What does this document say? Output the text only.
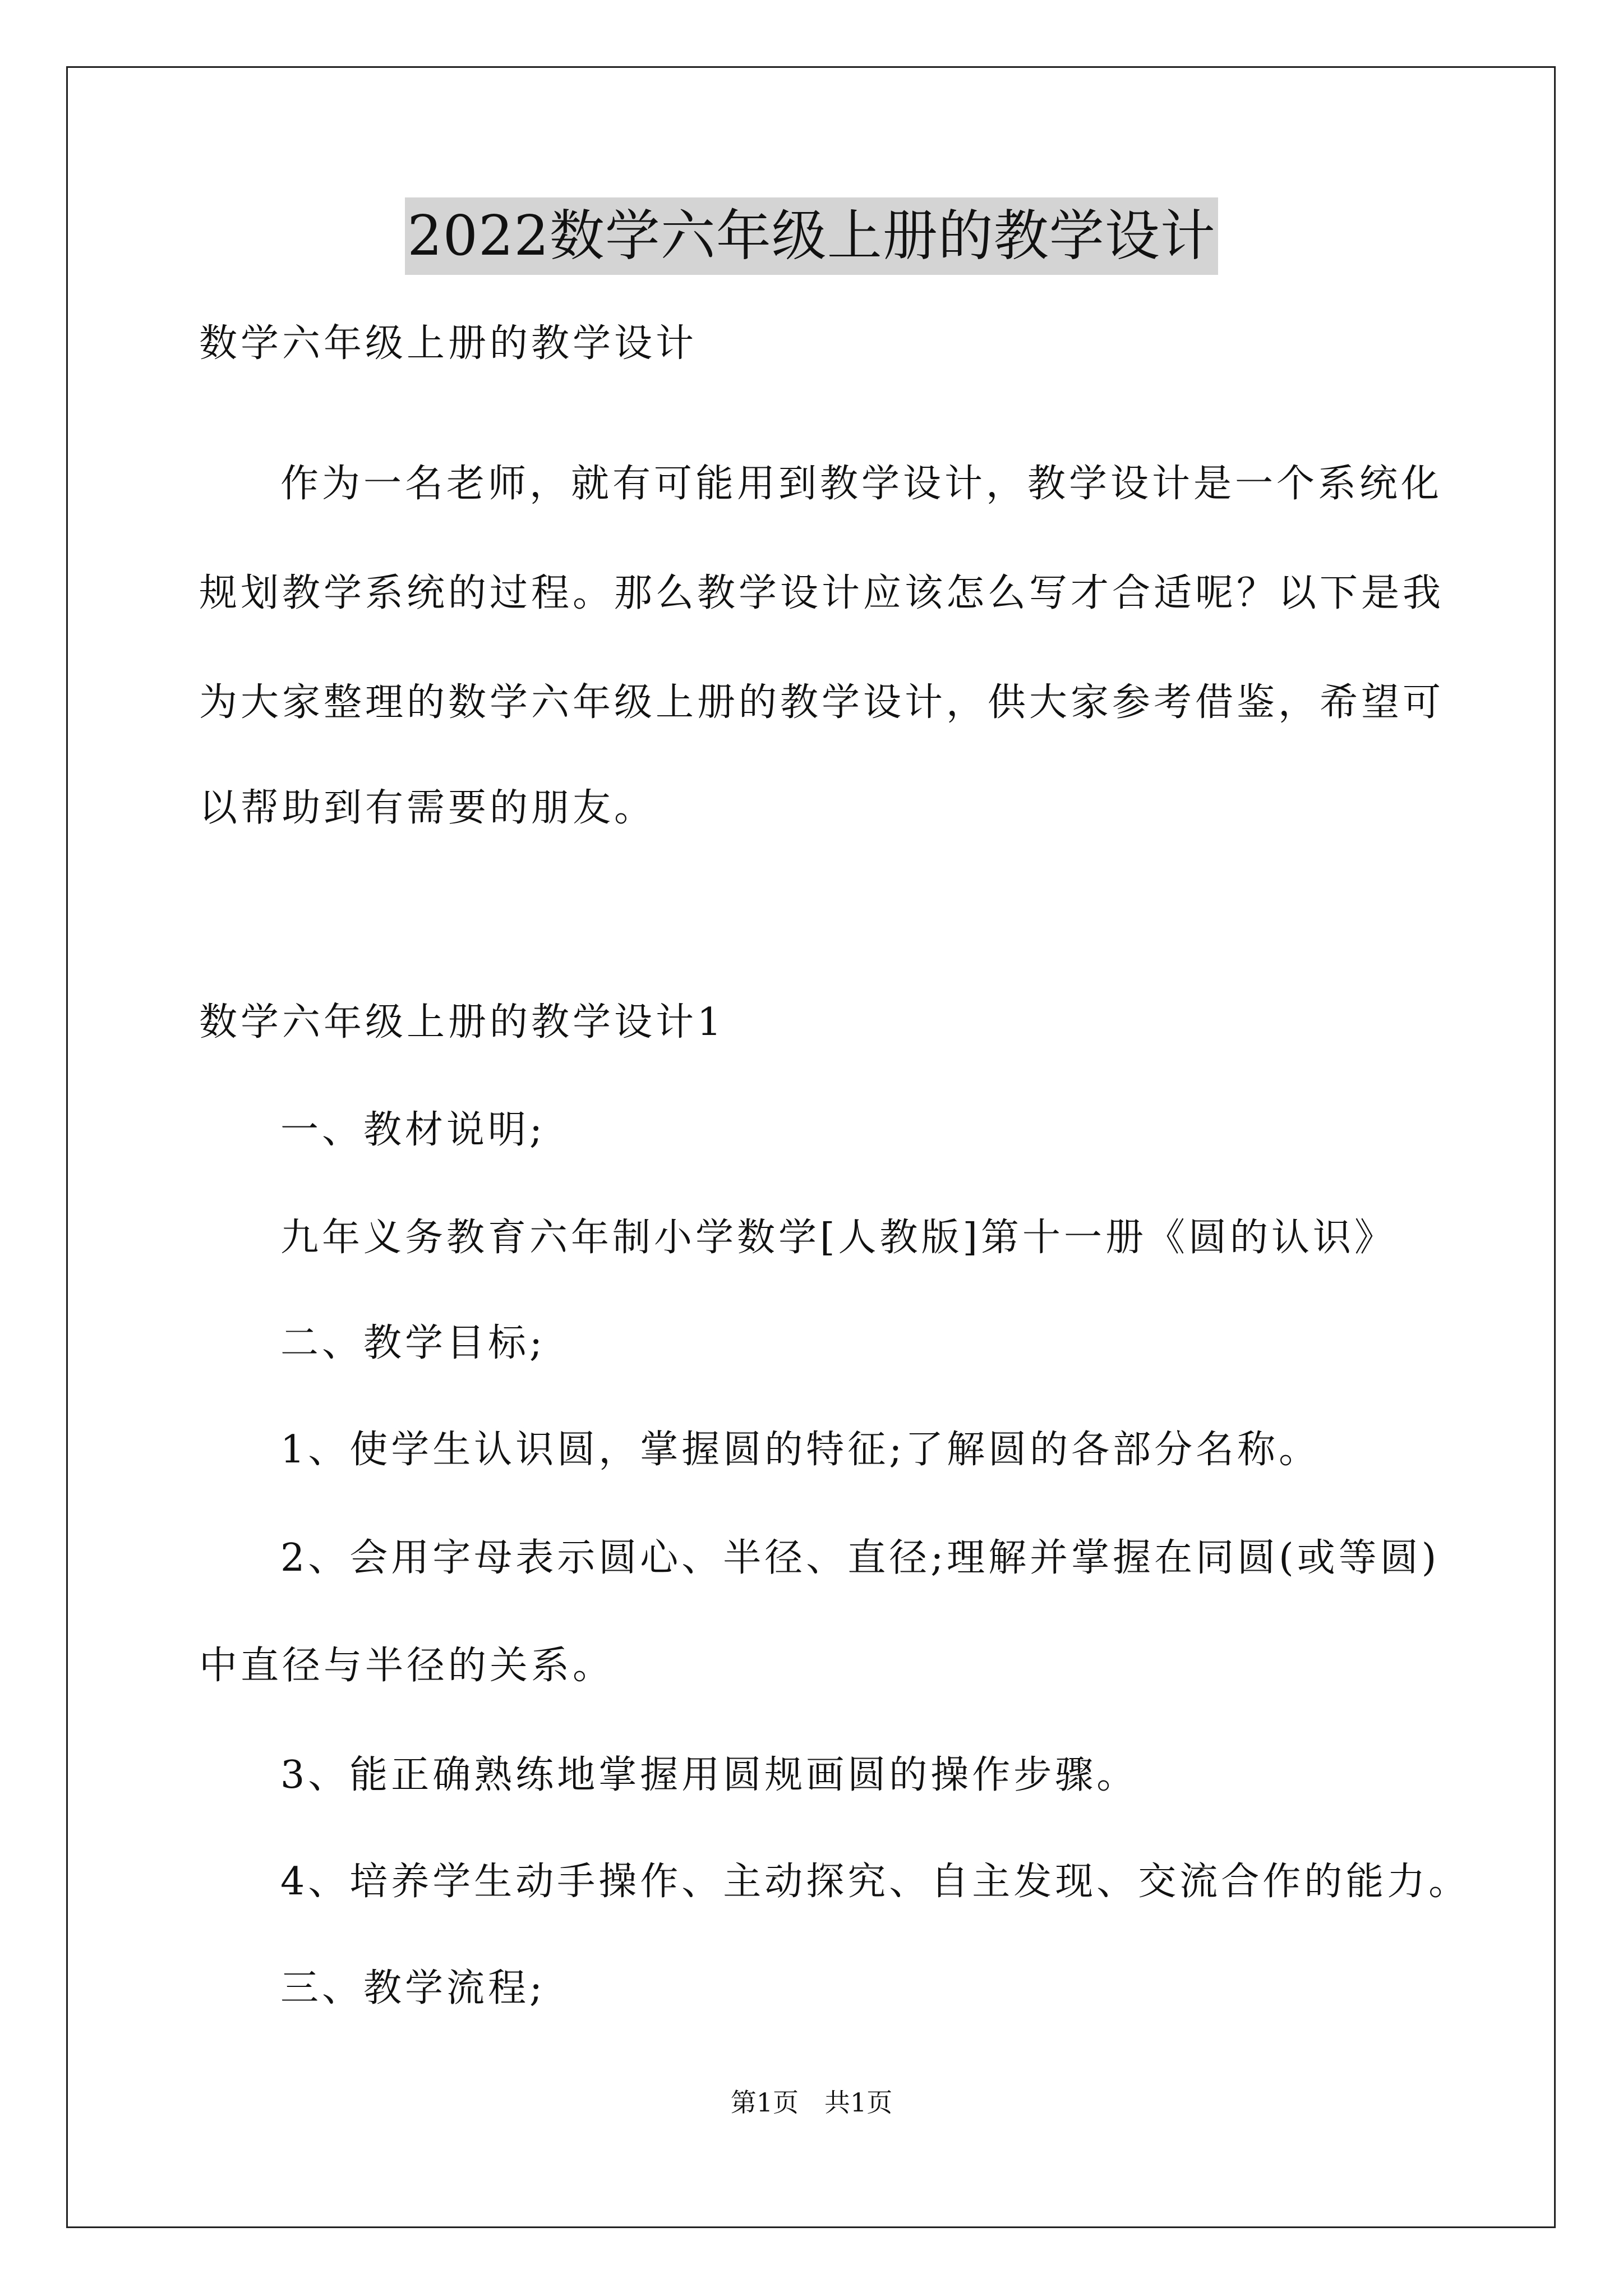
2022数学六年级上册的教学设计
数学六年级上册的教学设计
作为一名老师，就有可能用到教学设计，教学设计是一个系统化
规划教学系统的过程。那么教学设计应该怎么写才合适呢？以下是我
为大家整理的数学六年级上册的教学设计，供大家参考借鉴，希望可
以帮助到有需要的朋友。
数学六年级上册的教学设计1
一、教材说明;
九年义务教育六年制小学数学[人教版]第十一册《圆的认识》
二、教学目标;
1、使学生认识圆，掌握圆的特征;了解圆的各部分名称。
2、会用字母表示圆心、半径、直径;理解并掌握在同圆(或等圆)
中直径与半径的关系。
3、能正确熟练地掌握用圆规画圆的操作步骤。
4、培养学生动手操作、主动探究、自主发现、交流合作的能力。
三、教学流程;
第1页 共1页
